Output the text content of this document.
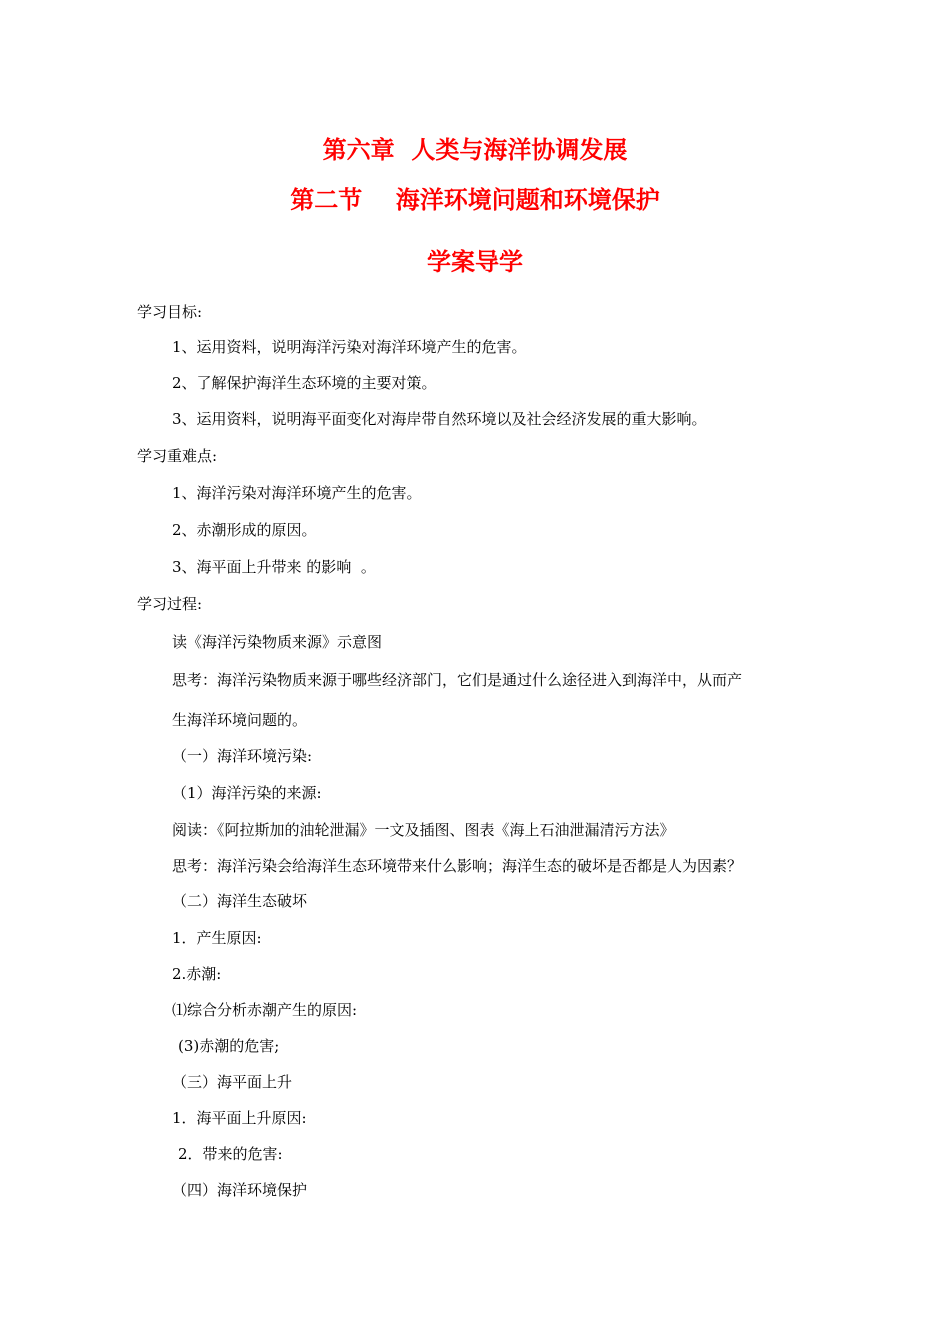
第六章  人类与海洋协调发展
第二节    海洋环境问题和环境保护
学案导学
学习目标:
1、运用资料，说明海洋污染对海洋环境产生的危害。
2、了解保护海洋生态环境的主要对策。
3、运用资料，说明海平面变化对海岸带自然环境以及社会经济发展的重大影响。
学习重难点:
1、海洋污染对海洋环境产生的危害。
2、赤潮形成的原因。
3、海平面上升带来 的影响  。
学习过程:
读《海洋污染物质来源》示意图
思考：海洋污染物质来源于哪些经济部门，它们是通过什么途径进入到海洋中，从而产
生海洋环境问题的。
（一）海洋环境污染:
（1）海洋污染的来源:
阅读：《阿拉斯加的油轮泄漏》一文及插图、图表《海上石油泄漏清污方法》
思考：海洋污染会给海洋生态环境带来什么影响；海洋生态的破坏是否都是人为因素？
（二）海洋生态破坏
1．产生原因:
2.赤潮:
⑴综合分析赤潮产生的原因:
(3)赤潮的危害;
（三）海平面上升
1．海平面上升原因:
2．带来的危害:
（四）海洋环境保护
